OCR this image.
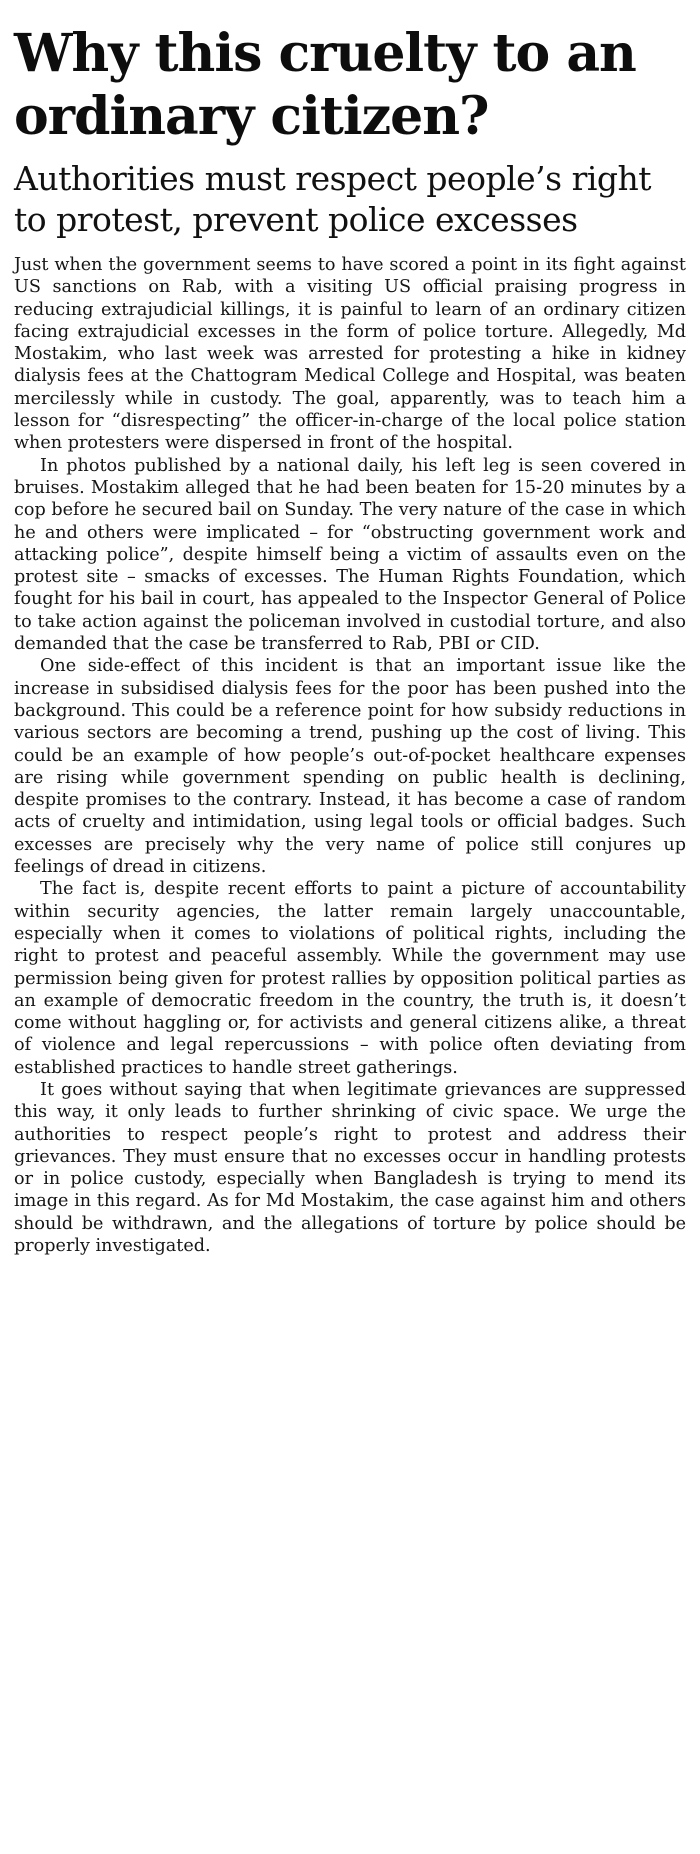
Why this cruelty to an ordinary citizen?
Authorities must respect people’s right to protest, prevent police excesses

Just when the government seems to have scored a point in its fight against US sanctions on Rab, with a visiting US official praising progress in reducing extrajudicial killings, it is painful to learn of an ordinary citizen facing extrajudicial excesses in the form of police torture. Allegedly, Md Mostakim, who last week was arrested for protesting a hike in kidney dialysis fees at the Chattogram Medical College and Hospital, was beaten mercilessly while in custody. The goal, apparently, was to teach him a lesson for “disrespecting” the officer-in-charge of the local police station when protesters were dispersed in front of the hospital.

In photos published by a national daily, his left leg is seen covered in bruises. Mostakim alleged that he had been beaten for 15-20 minutes by a cop before he secured bail on Sunday. The very nature of the case in which he and others were implicated – for “obstructing government work and attacking police”, despite himself being a victim of assaults even on the protest site – smacks of excesses. The Human Rights Foundation, which fought for his bail in court, has appealed to the Inspector General of Police to take action against the policeman involved in custodial torture, and also demanded that the case be transferred to Rab, PBI or CID.

One side-effect of this incident is that an important issue like the increase in subsidised dialysis fees for the poor has been pushed into the background. This could be a reference point for how subsidy reductions in various sectors are becoming a trend, pushing up the cost of living. This could be an example of how people’s out-of-pocket healthcare expenses are rising while government spending on public health is declining, despite promises to the contrary. Instead, it has become a case of random acts of cruelty and intimidation, using legal tools or official badges. Such excesses are precisely why the very name of police still conjures up feelings of dread in citizens.

The fact is, despite recent efforts to paint a picture of accountability within security agencies, the latter remain largely unaccountable, especially when it comes to violations of political rights, including the right to protest and peaceful assembly. While the government may use permission being given for protest rallies by opposition political parties as an example of democratic freedom in the country, the truth is, it doesn’t come without haggling or, for activists and general citizens alike, a threat of violence and legal repercussions – with police often deviating from established practices to handle street gatherings.

It goes without saying that when legitimate grievances are suppressed this way, it only leads to further shrinking of civic space. We urge the authorities to respect people’s right to protest and address their grievances. They must ensure that no excesses occur in handling protests or in police custody, especially when Bangladesh is trying to mend its image in this regard. As for Md Mostakim, the case against him and others should be withdrawn, and the allegations of torture by police should be properly investigated.
